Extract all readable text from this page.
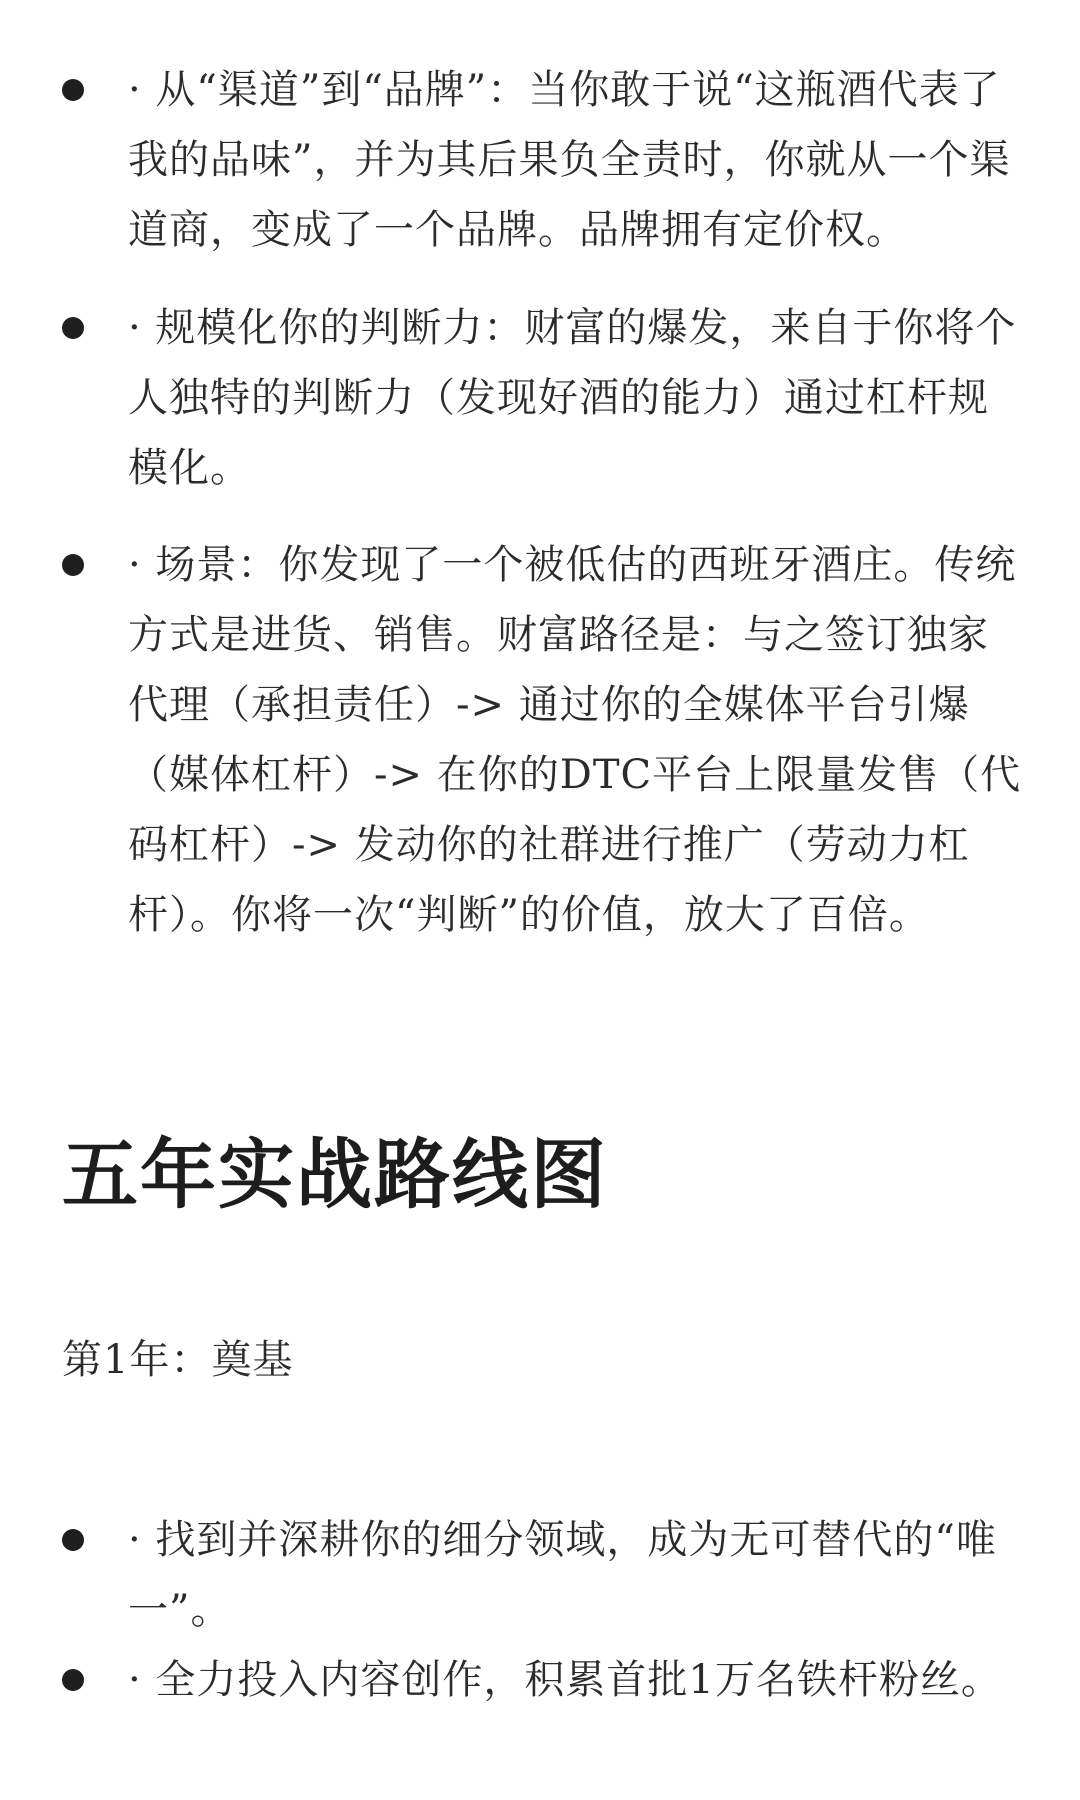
· 从“渠道”到“品牌”：当你敢于说“这瓶酒代表了我的品味”，并为其后果负全责时，你就从一个渠道商，变成了一个品牌。品牌拥有定价权。
· 规模化你的判断力：财富的爆发，来自于你将个人独特的判断力（发现好酒的能力）通过杠杆规模化。
· 场景：你发现了一个被低估的西班牙酒庄。传统方式是进货、销售。财富路径是：与之签订独家代理（承担责任）-> 通过你的全媒体平台引爆（媒体杠杆）-> 在你的DTC平台上限量发售（代码杠杆）-> 发动你的社群进行推广（劳动力杠杆）。你将一次“判断”的价值，放大了百倍。
五年实战路线图
第1年：奠基
· 找到并深耕你的细分领域，成为无可替代的“唯一”。
· 全力投入内容创作，积累首批1万名铁杆粉丝。
